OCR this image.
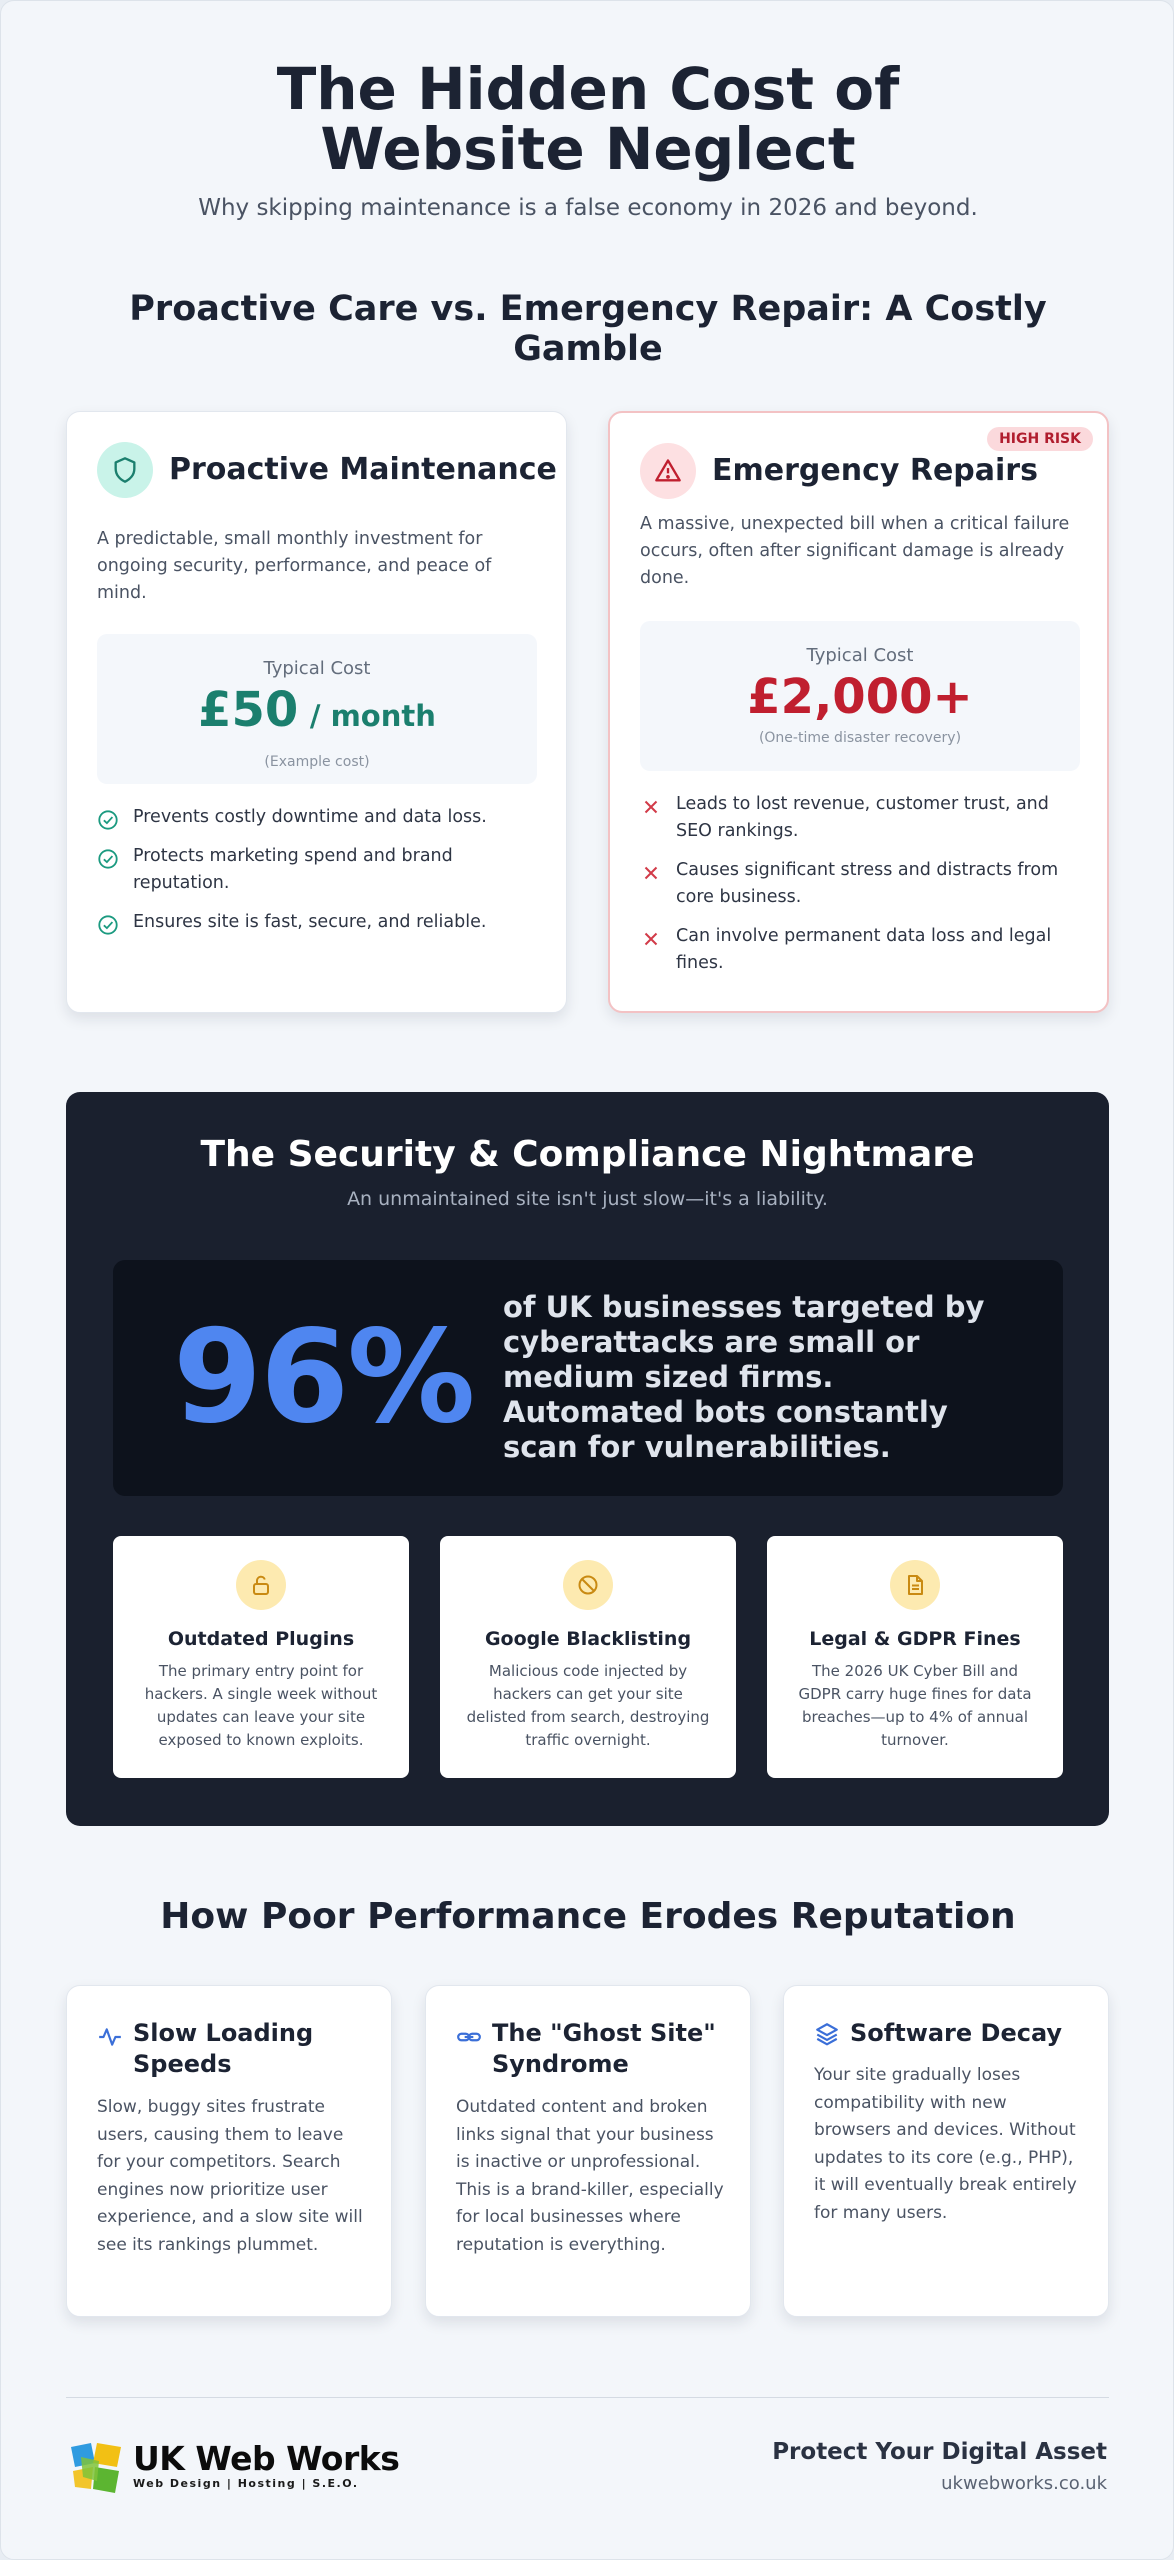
The Hidden Cost of Website Neglect

Why skipping maintenance is a false economy in 2026 and beyond.

Proactive Care vs. Emergency Repair: A Costly Gamble
Proactive Maintenance

A predictable, small monthly investment for ongoing security, performance, and peace of mind.

Typical Cost
£50 / month
(Example cost)
Prevents costly downtime and data loss.
Protects marketing spend and brand reputation.
Ensures site is fast, secure, and reliable.
HIGH RISK
Emergency Repairs

A massive, unexpected bill when a critical failure occurs, often after significant damage is already done.

Typical Cost
£2,000+
(One-time disaster recovery)
Leads to lost revenue, customer trust, and SEO rankings.
Causes significant stress and distracts from core business.
Can involve permanent data loss and legal fines.
The Security & Compliance Nightmare

An unmaintained site isn't just slow—it's a liability.

96% of UK businesses targeted by cyberattacks are small or medium sized firms. Automated bots constantly scan for vulnerabilities.
Outdated Plugins

The primary entry point for hackers. A single week without updates can leave your site exposed to known exploits.

Google Blacklisting

Malicious code injected by hackers can get your site delisted from search, destroying traffic overnight.

Legal & GDPR Fines

The 2026 UK Cyber Bill and GDPR carry huge fines for data breaches—up to 4% of annual turnover.

How Poor Performance Erodes Reputation
Slow Loading Speeds

Slow, buggy sites frustrate users, causing them to leave for your competitors. Search engines now prioritize user experience, and a slow site will see its rankings plummet.

The "Ghost Site" Syndrome

Outdated content and broken links signal that your business is inactive or unprofessional. This is a brand-killer, especially for local businesses where reputation is everything.

Software Decay

Your site gradually loses compatibility with new browsers and devices. Without updates to its core (e.g., PHP), it will eventually break entirely for many users.

UK Web Works
Web Design | Hosting | S.E.O.
Protect Your Digital Asset
ukwebworks.co.uk
